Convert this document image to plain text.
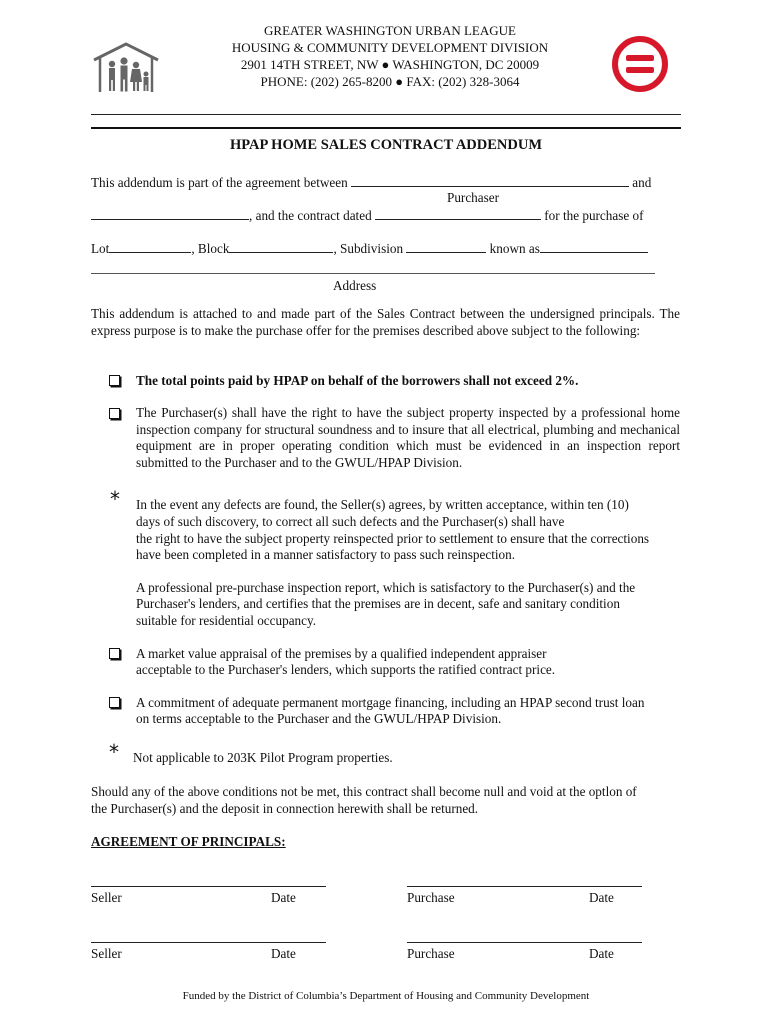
GREATER WASHINGTON URBAN LEAGUE
HOUSING & COMMUNITY DEVELOPMENT DIVISION
2901 14TH STREET, NW ● WASHINGTON, DC 20009
PHONE: (202) 265-8200 ● FAX: (202) 328-3064
HPAP HOME SALES CONTRACT ADDENDUM
This addendum is part of the agreement between	and
Purchaser
, and the contract dated	for the purchase of
Lot	, Block	, Subdivision	known as
Address
This addendum is attached to and made part of the Sales Contract between the undersigned principals. The express purpose is to make the purchase offer for the premises described above subject to the following:
The total points paid by HPAP on behalf of the borrowers shall not exceed 2%.
The Purchaser(s) shall have the right to have the subject property inspected by a professional home inspection company for structural soundness and to insure that all electrical, plumbing and mechanical equipment are in proper operating condition which must be evidenced in an inspection report submitted to the Purchaser and to the GWUL/HPAP Division.
* In the event any defects are found, the Seller(s) agrees, by written acceptance, within ten (10)
days of such discovery, to correct all such defects and the Purchaser(s) shall have
the right to have the subject property reinspected prior to settlement to ensure that the corrections
have been completed in a manner satisfactory to pass such reinspection.
A professional pre-purchase inspection report, which is satisfactory to the Purchaser(s) and the
Purchaser's lenders, and certifies that the premises are in decent, safe and sanitary condition
suitable for residential occupancy.
A market value appraisal of the premises by a qualified independent appraiser
acceptable to the Purchaser's lenders, which supports the ratified contract price.
A commitment of adequate permanent mortgage financing, including an HPAP second trust loan
on terms acceptable to the Purchaser and the GWUL/HPAP Division.
* Not applicable to 203K Pilot Program properties.
Should any of the above conditions not be met, this contract shall become null and void at the optlon of
the Purchaser(s) and the deposit in connection herewith shall be returned.
AGREEMENT OF PRINCIPALS:
Seller	Date	Purchase	Date
Seller	Date	Purchase	Date
Funded by the District of Columbia’s Department of Housing and Community Development
